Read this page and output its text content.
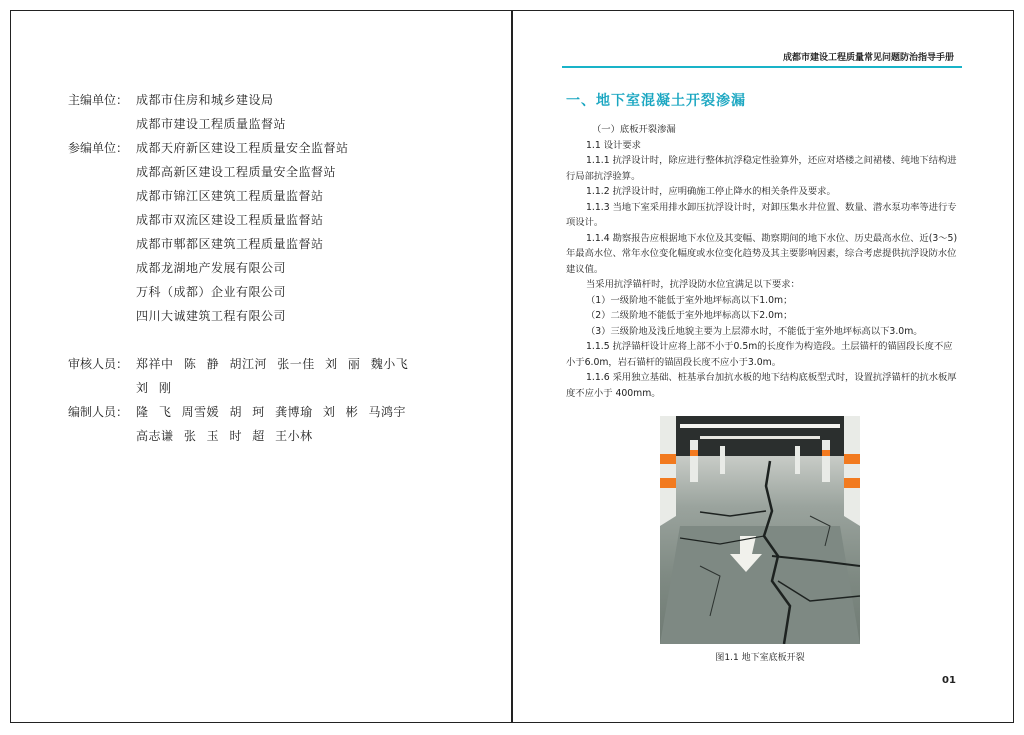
主编单位： 成都市住房和城乡建设局
成都市建设工程质量监督站
参编单位： 成都天府新区建设工程质量安全监督站
成都高新区建设工程质量安全监督站
成都市锦江区建筑工程质量监督站
成都市双流区建设工程质量监督站
成都市郫都区建筑工程质量监督站
成都龙湖地产发展有限公司
万科（成都）企业有限公司
四川大诚建筑工程有限公司
审核人员： 郑祥中 陈 静 胡江河 张一佳 刘 丽 魏小飞
刘 刚
编制人员： 隆 飞 周雪媛 胡 珂 龚博瑜 刘 彬 马鸿宇
高志谦 张 玉 时 超 王小林
成都市建设工程质量常见问题防治指导手册
一、地下室混凝土开裂渗漏

（一）底板开裂渗漏

1.1 设计要求

1.1.1 抗浮设计时，除应进行整体抗浮稳定性验算外，还应对塔楼之间裙楼、纯地下结构进行局部抗浮验算。

1.1.2 抗浮设计时，应明确施工停止降水的相关条件及要求。

1.1.3 当地下室采用排水卸压抗浮设计时，对卸压集水井位置、数量、潜水泵功率等进行专项设计。

1.1.4 勘察报告应根据地下水位及其变幅、勘察期间的地下水位、历史最高水位、近(3～5)年最高水位、常年水位变化幅度或水位变化趋势及其主要影响因素，综合考虑提供抗浮设防水位建议值。

当采用抗浮锚杆时，抗浮设防水位宜满足以下要求：

（1）一级阶地不能低于室外地坪标高以下1.0m；

（2）二级阶地不能低于室外地坪标高以下2.0m；

（3）三级阶地及浅丘地貌主要为上层滞水时，不能低于室外地坪标高以下3.0m。

1.1.5 抗浮锚杆设计应将上部不小于0.5m的长度作为构造段。土层锚杆的锚固段长度不应小于6.0m，岩石锚杆的锚固段长度不应小于3.0m。

1.1.6 采用独立基础、桩基承台加抗水板的地下结构底板型式时，设置抗浮锚杆的抗水板厚度不应小于 400mm。

图1.1 地下室底板开裂
01
